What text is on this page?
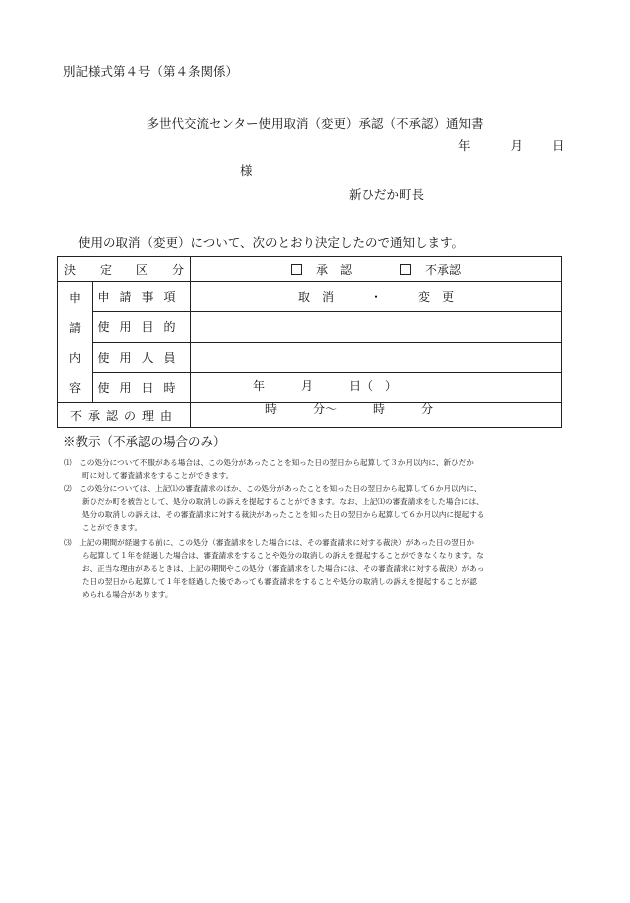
別記様式第４号（第４条関係）
多世代交流センター使用取消（変更）承認（不承認）通知書
年	月 日
様
新ひだか町長
使用の取消（変更）について、次のとおり決定したので通知します。
決　　定　　区　　分		承　認 不承認

申
請
内
容	申請事項	取　消　　　・　　　変　更
	使用目的	
	使用人員	
	使用日時	年　　　月　　　日（　）
時　　　分～　　　時　　　分

不承認の理由		
※教示（不承認の場合のみ）
⑴　 この処分について不服がある場合は、この処分があったことを知った日の翌日から起算して３か月以内に、新ひだか
町に対して審査請求をすることができます。
⑵　 この処分については、上記⑴の審査請求のほか、この処分があったことを知った日の翌日から起算して６か月以内に、
新ひだか町を被告として、処分の取消しの訴えを提起することができます。なお、上記⑴の審査請求をした場合には、
処分の取消しの訴えは、その審査請求に対する裁決があったことを知った日の翌日から起算して６か月以内に提起する
ことができます。
⑶　 上記の期間が経過する前に、この処分（審査請求をした場合には、その審査請求に対する裁決）があった日の翌日か
ら起算して１年を経過した場合は、審査請求をすることや処分の取消しの訴えを提起することができなくなります。な
お、正当な理由があるときは、上記の期間やこの処分（審査請求をした場合には、その審査請求に対する裁決）があっ
た日の翌日から起算して１年を経過した後であっても審査請求をすることや処分の取消しの訴えを提起することが認
められる場合があります。
